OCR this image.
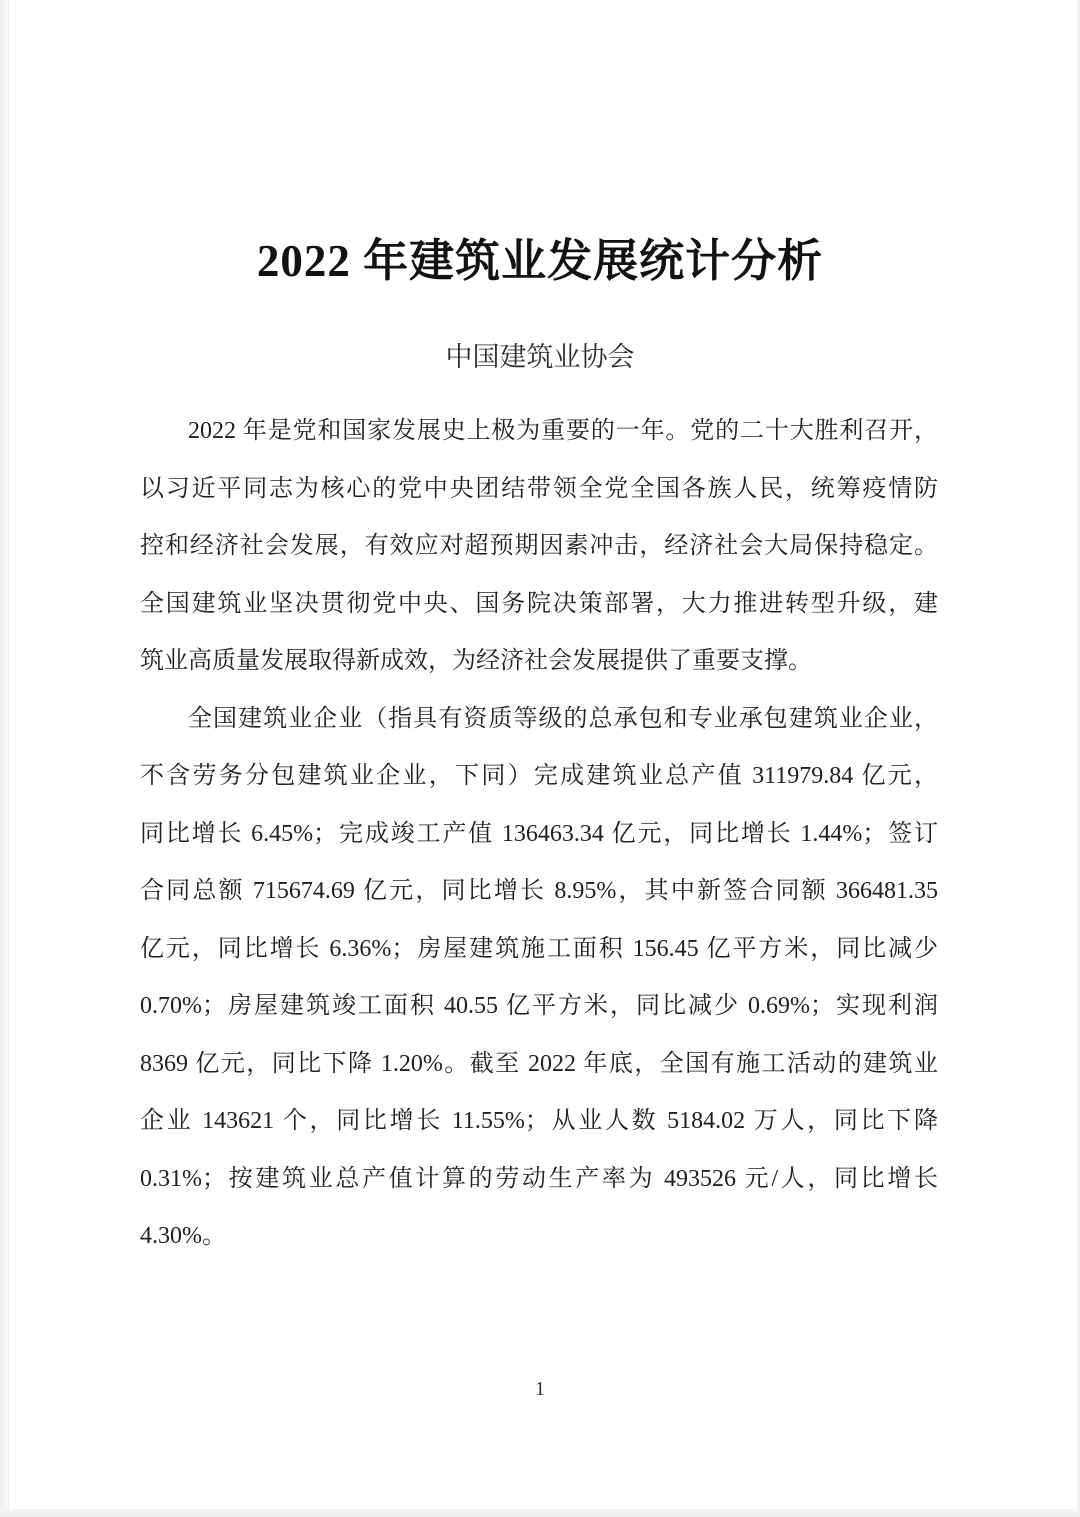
2022 年建筑业发展统计分析
中国建筑业协会

2022 年是党和国家发展史上极为重要的一年。党的二十大胜利召开，
以习近平同志为核心的党中央团结带领全党全国各族人民，统筹疫情防
控和经济社会发展，有效应对超预期因素冲击，经济社会大局保持稳定。
全国建筑业坚决贯彻党中央、国务院决策部署，大力推进转型升级，建
筑业高质量发展取得新成效，为经济社会发展提供了重要支撑。

全国建筑业企业（指具有资质等级的总承包和专业承包建筑业企业，
不含劳务分包建筑业企业，下同）完成建筑业总产值 311979.84 亿元，
同比增长 6.45%；完成竣工产值 136463.34 亿元，同比增长 1.44%；签订
合同总额 715674.69 亿元，同比增长 8.95%，其中新签合同额 366481.35
亿元，同比增长 6.36%；房屋建筑施工面积 156.45 亿平方米，同比减少
0.70%；房屋建筑竣工面积 40.55 亿平方米，同比减少 0.69%；实现利润
8369 亿元，同比下降 1.20%。截至 2022 年底，全国有施工活动的建筑业
企业 143621 个，同比增长 11.55%；从业人数 5184.02 万人，同比下降
0.31%；按建筑业总产值计算的劳动生产率为 493526 元/人，同比增长
4.30%。

1
